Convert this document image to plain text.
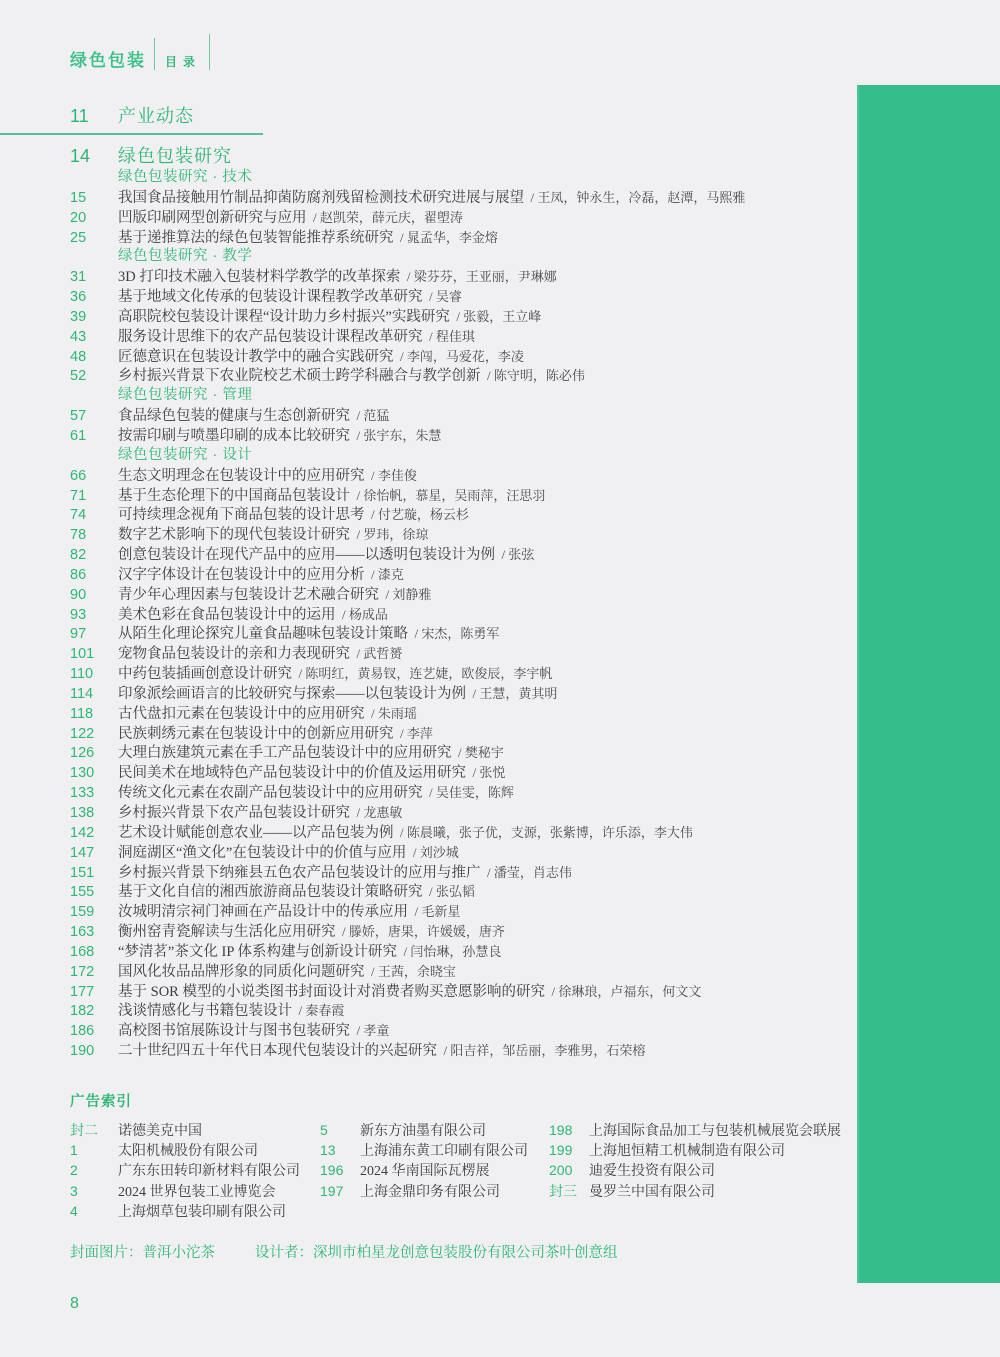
绿色包装 目录
11	产业动态
14	绿色包装研究
绿色包装研究 · 技术
15	我国食品接触用竹制品抑菌防腐剂残留检测技术研究进展与展望  / 王凤，钟永生，冷磊，赵潭，马熙雅
20	凹版印刷网型创新研究与应用  / 赵凯荣，薛元庆，翟塱涛
25	基于递推算法的绿色包装智能推荐系统研究  / 晁孟华，李金熔
绿色包装研究 · 教学
31	3D 打印技术融入包装材料学教学的改革探索  / 梁芬芬，王亚丽，尹琳娜
36	基于地域文化传承的包装设计课程教学改革研究  / 吴睿
39	高职院校包装设计课程“设计助力乡村振兴”实践研究  / 张毅，王立峰
43	服务设计思维下的农产品包装设计课程改革研究  / 程佳琪
48	匠德意识在包装设计教学中的融合实践研究  / 李闯，马爱花，李凌
52	乡村振兴背景下农业院校艺术硕士跨学科融合与教学创新  / 陈守明，陈必伟
绿色包装研究 · 管理
57	食品绿色包装的健康与生态创新研究  / 范猛
61	按需印刷与喷墨印刷的成本比较研究  / 张宇东，朱慧
绿色包装研究 · 设计
66	生态文明理念在包装设计中的应用研究  / 李佳俊
71	基于生态伦理下的中国商品包装设计  / 徐怡帆，慕星，吴雨萍，汪思羽
74	可持续理念视角下商品包装的设计思考  / 付艺璇，杨云杉
78	数字艺术影响下的现代包装设计研究  / 罗玮，徐琼
82	创意包装设计在现代产品中的应用——以透明包装设计为例  / 张弦
86	汉字字体设计在包装设计中的应用分析  / 漆克
90	青少年心理因素与包装设计艺术融合研究  / 刘静雅
93	美术色彩在食品包装设计中的运用  / 杨成品
97	从陌生化理论探究儿童食品趣味包装设计策略  / 宋杰，陈勇军
101	宠物食品包装设计的亲和力表现研究  / 武哲赟
110	中药包装插画创意设计研究  / 陈明红，黄易钗，连艺婕，欧俊辰，李宇帆
114	印象派绘画语言的比较研究与探索——以包装设计为例  / 王慧，黄其明
118	古代盘扣元素在包装设计中的应用研究  / 朱雨瑶
122	民族刺绣元素在包装设计中的创新应用研究  / 李萍
126	大理白族建筑元素在手工产品包装设计中的应用研究  / 樊秘宇
130	民间美术在地域特色产品包装设计中的价值及运用研究  / 张悦
133	传统文化元素在农副产品包装设计中的应用研究  / 吴佳雯，陈辉
138	乡村振兴背景下农产品包装设计研究  / 龙惠敏
142	艺术设计赋能创意农业——以产品包装为例  / 陈晨曦，张子优，支源，张紫博，许乐添，李大伟
147	洞庭湖区“渔文化”在包装设计中的价值与应用  / 刘沙城
151	乡村振兴背景下纳雍县五色农产品包装设计的应用与推广  / 潘莹，肖志伟
155	基于文化自信的湘西旅游商品包装设计策略研究  / 张弘韬
159	汝城明清宗祠门神画在产品设计中的传承应用  / 毛新星
163	衡州窑青瓷解读与生活化应用研究  / 滕娇，唐果，许媛媛，唐齐
168	“梦清茗”茶文化 IP 体系构建与创新设计研究  / 闫怡琳，孙慧良
172	国风化妆品品牌形象的同质化问题研究  / 王茜，余晓宝
177	基于 SOR 模型的小说类图书封面设计对消费者购买意愿影响的研究  / 徐琳琅，卢福东，何文文
182	浅谈情感化与书籍包装设计  / 秦春霞
186	高校图书馆展陈设计与图书包装研究  / 孝童
190	二十世纪四五十年代日本现代包装设计的兴起研究  / 阳吉祥，邹岳丽，李雅男，石荣榕
广告索引
封二	诺德美克中国
1	太阳机械股份有限公司
2	广东东田转印新材料有限公司
3	2024 世界包装工业博览会
4	上海烟草包装印刷有限公司
5	新东方油墨有限公司
13	上海浦东黄工印刷有限公司
196	2024 华南国际瓦楞展
197	上海金鼎印务有限公司
198	上海国际食品加工与包装机械展览会联展
199	上海旭恒精工机械制造有限公司
200	迪爱生投资有限公司
封三 曼罗兰中国有限公司
封面图片：普洱小沱茶	设计者：深圳市柏星龙创意包装股份有限公司茶叶创意组
8
